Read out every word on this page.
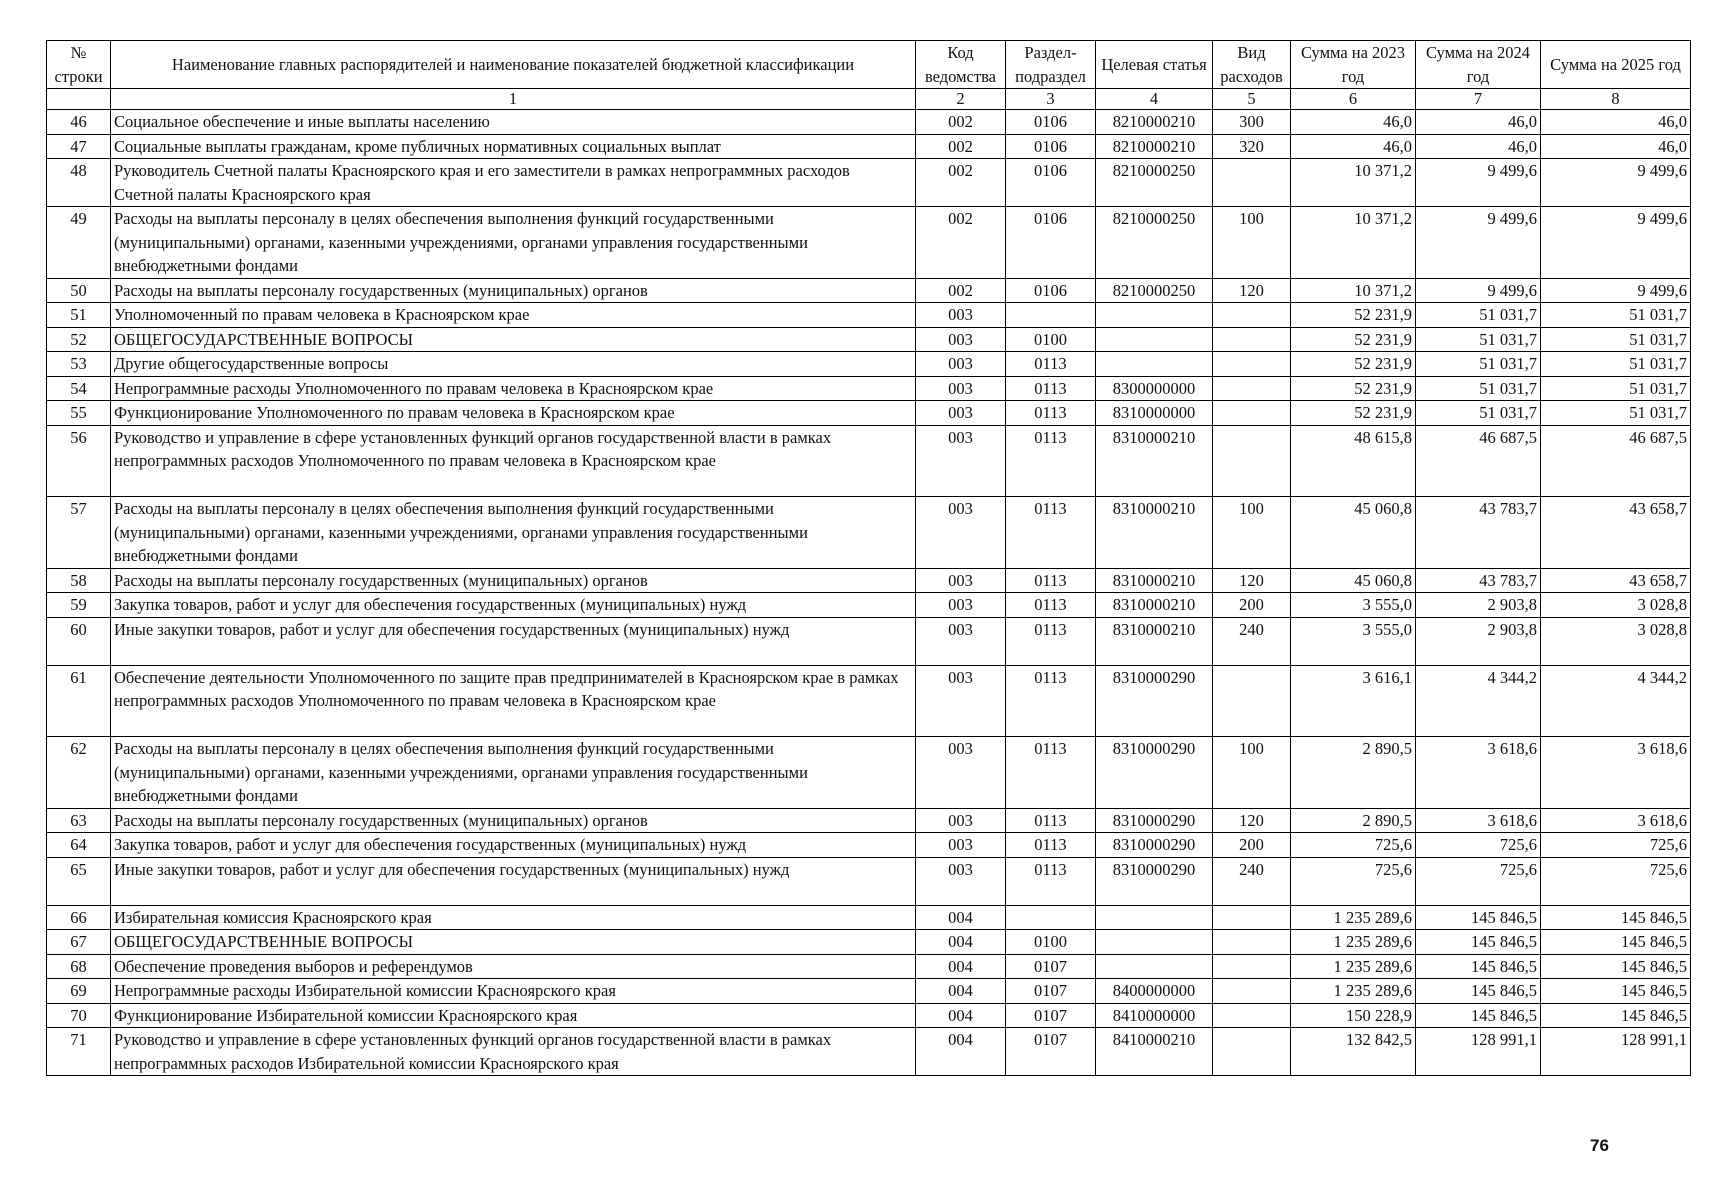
№ строки	Наименование главных распорядителей и наименование показателей бюджетной классификации	Код ведомства	Раздел-подраздел	Целевая статья	Вид расходов	Сумма на 2023 год	Сумма на 2024 год	Сумма на 2025 год
	1	2	3	4	5	6	7	8
46	Социальное обеспечение и иные выплаты населению	002	0106	8210000210	300	46,0	46,0	46,0
47	Социальные выплаты гражданам, кроме публичных нормативных социальных выплат	002	0106	8210000210	320	46,0	46,0	46,0
48	Руководитель Счетной палаты Красноярского края и его заместители в рамках непрограммных расходов Счетной палаты Красноярского края	002	0106	8210000250		10 371,2	9 499,6	9 499,6
49	Расходы на выплаты персоналу в целях обеспечения выполнения функций государственными (муниципальными) органами, казенными учреждениями, органами управления государственными внебюджетными фондами	002	0106	8210000250	100	10 371,2	9 499,6	9 499,6
50	Расходы на выплаты персоналу государственных (муниципальных) органов	002	0106	8210000250	120	10 371,2	9 499,6	9 499,6
51	Уполномоченный по правам человека в Красноярском крае	003				52 231,9	51 031,7	51 031,7
52	ОБЩЕГОСУДАРСТВЕННЫЕ ВОПРОСЫ	003	0100			52 231,9	51 031,7	51 031,7
53	Другие общегосударственные вопросы	003	0113			52 231,9	51 031,7	51 031,7
54	Непрограммные расходы Уполномоченного по правам человека в Красноярском крае	003	0113	8300000000		52 231,9	51 031,7	51 031,7
55	Функционирование Уполномоченного по правам человека в Красноярском крае	003	0113	8310000000		52 231,9	51 031,7	51 031,7
56	Руководство и управление в сфере установленных функций органов государственной власти в рамках непрограммных расходов Уполномоченного по правам человека в Красноярском крае	003	0113	8310000210		48 615,8	46 687,5	46 687,5
57	Расходы на выплаты персоналу в целях обеспечения выполнения функций государственными (муниципальными) органами, казенными учреждениями, органами управления государственными внебюджетными фондами	003	0113	8310000210	100	45 060,8	43 783,7	43 658,7
58	Расходы на выплаты персоналу государственных (муниципальных) органов	003	0113	8310000210	120	45 060,8	43 783,7	43 658,7
59	Закупка товаров, работ и услуг для обеспечения государственных (муниципальных) нужд	003	0113	8310000210	200	3 555,0	2 903,8	3 028,8
60	Иные закупки товаров, работ и услуг для обеспечения государственных (муниципальных) нужд	003	0113	8310000210	240	3 555,0	2 903,8	3 028,8
61	Обеспечение деятельности Уполномоченного по защите прав предпринимателей в Красноярском крае в рамках непрограммных расходов Уполномоченного по правам человека в Красноярском крае	003	0113	8310000290		3 616,1	4 344,2	4 344,2
62	Расходы на выплаты персоналу в целях обеспечения выполнения функций государственными (муниципальными) органами, казенными учреждениями, органами управления государственными внебюджетными фондами	003	0113	8310000290	100	2 890,5	3 618,6	3 618,6
63	Расходы на выплаты персоналу государственных (муниципальных) органов	003	0113	8310000290	120	2 890,5	3 618,6	3 618,6
64	Закупка товаров, работ и услуг для обеспечения государственных (муниципальных) нужд	003	0113	8310000290	200	725,6	725,6	725,6
65	Иные закупки товаров, работ и услуг для обеспечения государственных (муниципальных) нужд	003	0113	8310000290	240	725,6	725,6	725,6
66	Избирательная комиссия Красноярского края	004				1 235 289,6	145 846,5	145 846,5
67	ОБЩЕГОСУДАРСТВЕННЫЕ ВОПРОСЫ	004	0100			1 235 289,6	145 846,5	145 846,5
68	Обеспечение проведения выборов и референдумов	004	0107			1 235 289,6	145 846,5	145 846,5
69	Непрограммные расходы Избирательной комиссии Красноярского края	004	0107	8400000000		1 235 289,6	145 846,5	145 846,5
70	Функционирование Избирательной комиссии Красноярского края	004	0107	8410000000		150 228,9	145 846,5	145 846,5
71	Руководство и управление в сфере установленных функций органов государственной власти в рамках непрограммных расходов Избирательной комиссии Красноярского края	004	0107	8410000210		132 842,5	128 991,1	128 991,1
76
